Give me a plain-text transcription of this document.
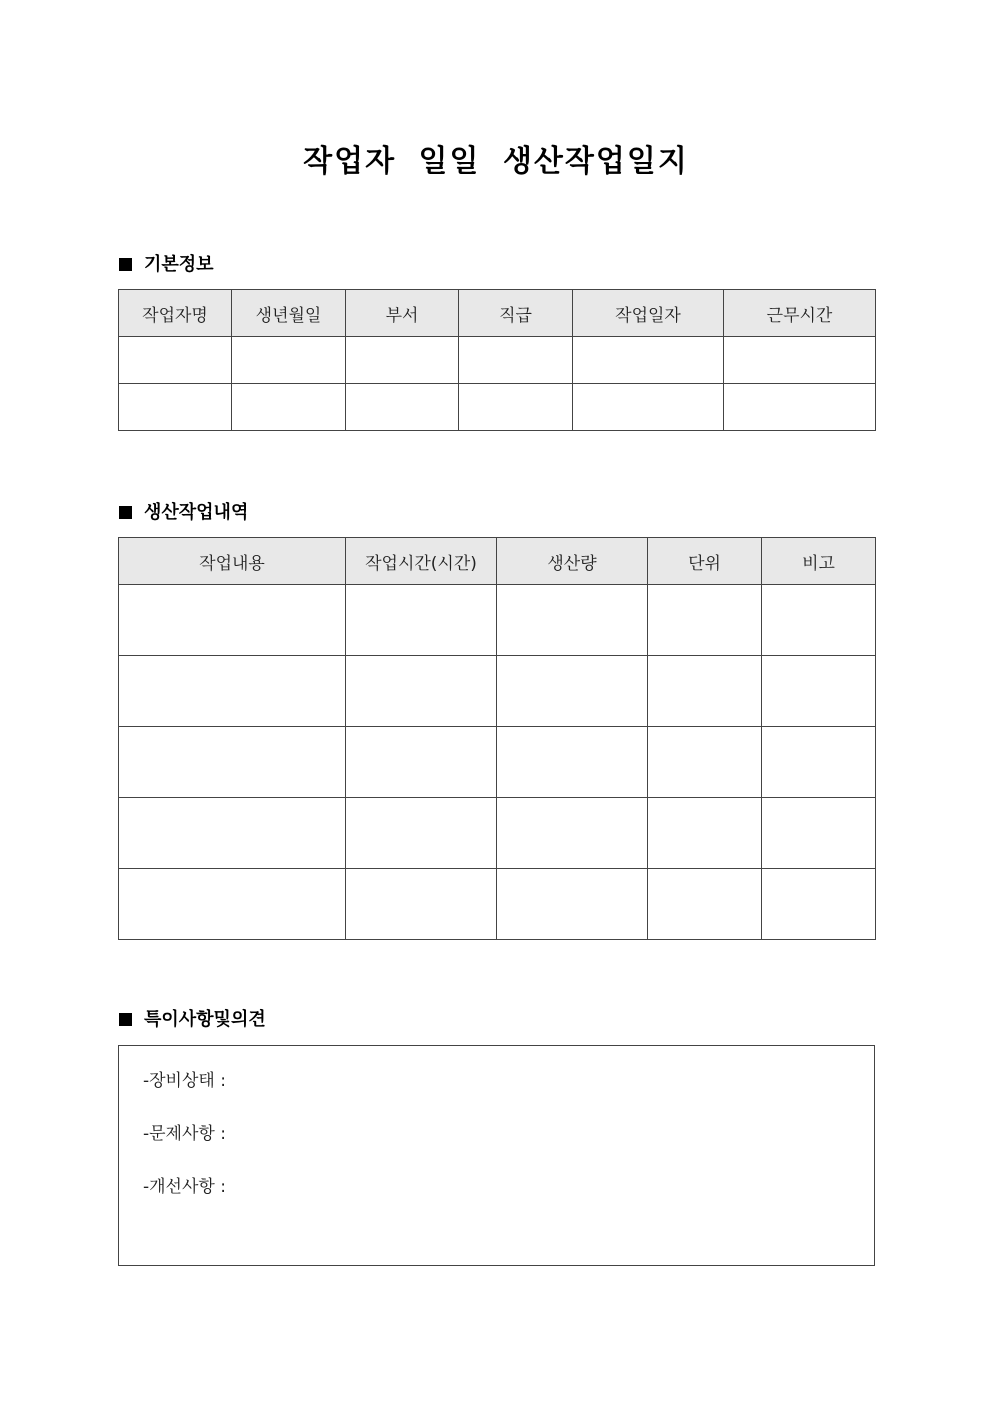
작업자 일일 생산작업일지
기본정보
작업자명	생년월일	부서	직급	작업일자	근무시간

생산작업내역
작업내용	작업시간(시간)	생산량	단위	비고

특이사항및의견
-장비상태 :
-문제사항 :
-개선사항 :
